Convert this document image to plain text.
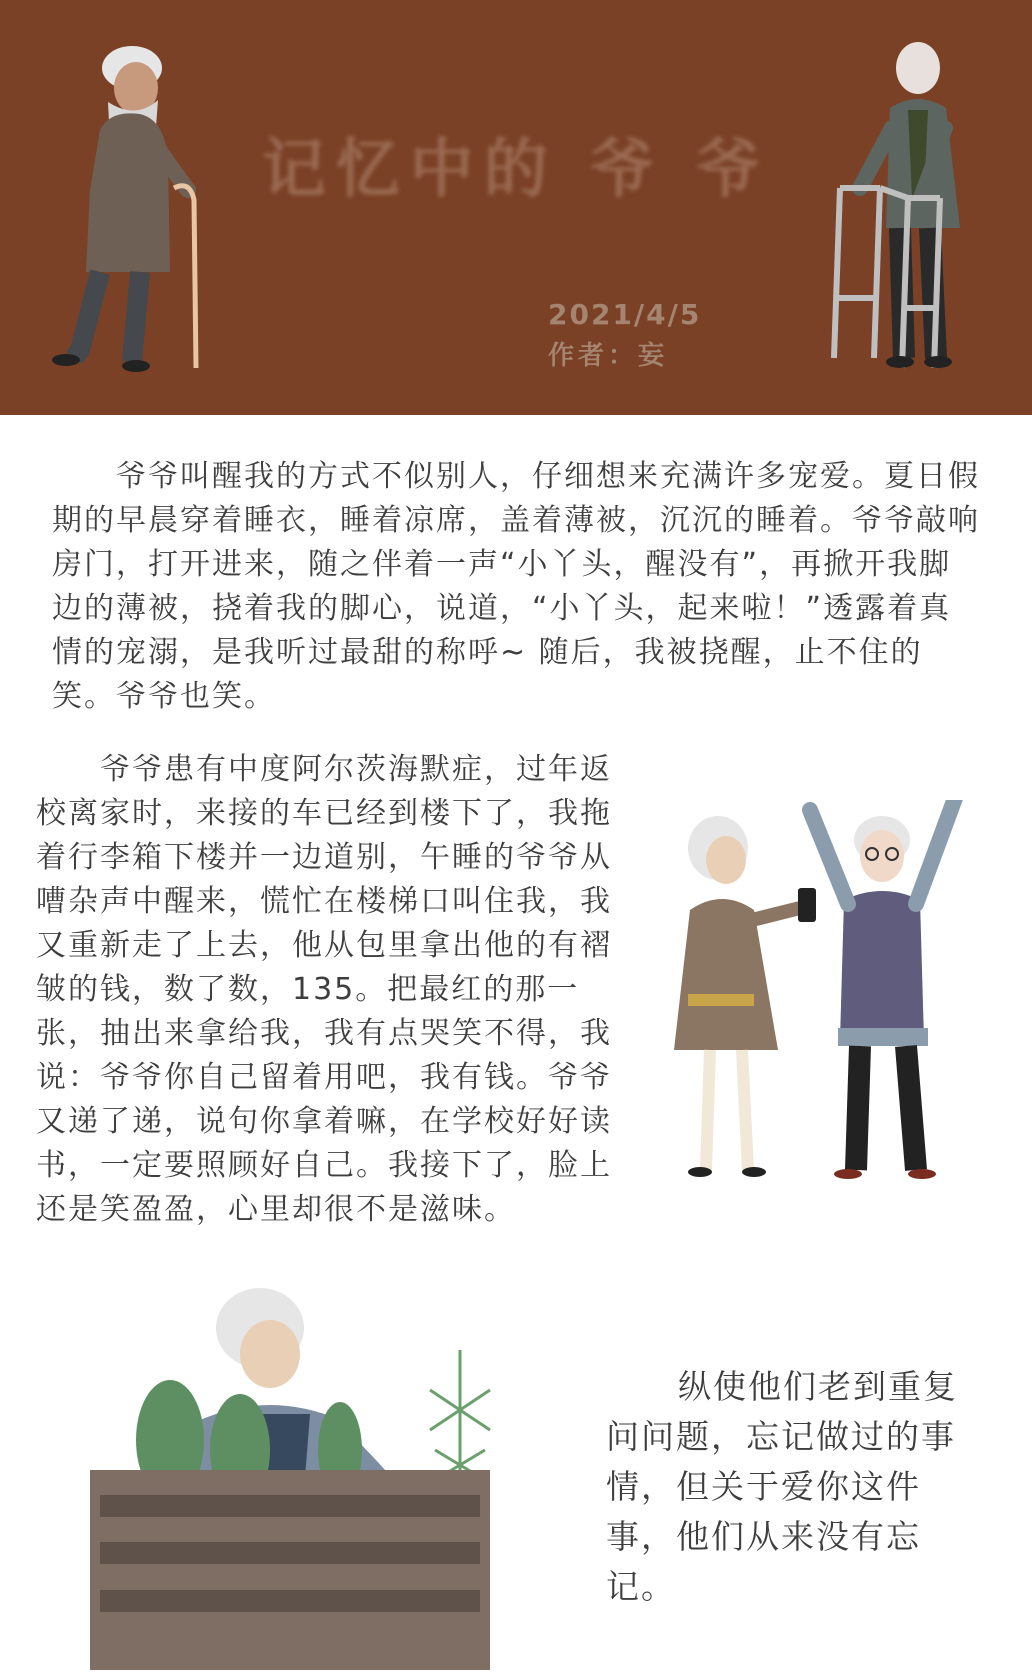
记忆中的 爷 爷
2021/4/5
作者：妄

爷爷叫醒我的方式不似别人，仔细想来充满许多宠爱。夏日假期的早晨穿着睡衣，睡着凉席，盖着薄被，沉沉的睡着。爷爷敲响房门，打开进来，随之伴着一声“小丫头，醒没有”，再掀开我脚边的薄被，挠着我的脚心，说道，“小丫头，起来啦！”透露着真情的宠溺，是我听过最甜的称呼~ 随后，我被挠醒，止不住的笑。爷爷也笑。

爷爷患有中度阿尔茨海默症，过年返校离家时，来接的车已经到楼下了，我拖着行李箱下楼并一边道别，午睡的爷爷从嘈杂声中醒来，慌忙在楼梯口叫住我，我又重新走了上去，他从包里拿出他的有褶皱的钱，数了数，135。把最红的那一张，抽出来拿给我，我有点哭笑不得，我说：爷爷你自己留着用吧，我有钱。爷爷又递了递，说句你拿着嘛，在学校好好读书，一定要照顾好自己。我接下了，脸上还是笑盈盈，心里却很不是滋味。

纵使他们老到重复问问题，忘记做过的事情，但关于爱你这件事，他们从来没有忘记。
